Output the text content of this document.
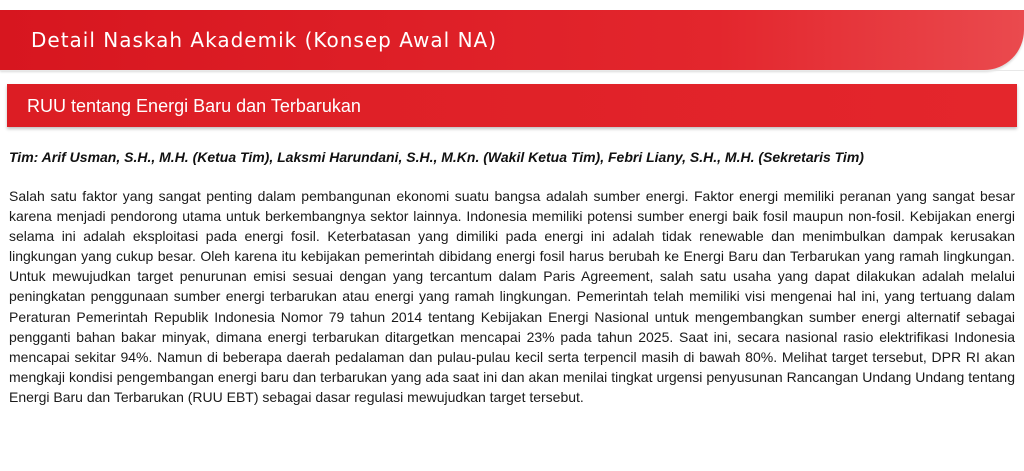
Detail Naskah Akademik (Konsep Awal NA)
RUU tentang Energi Baru dan Terbarukan
Tim: Arif Usman, S.H., M.H. (Ketua Tim), Laksmi Harundani, S.H., M.Kn. (Wakil Ketua Tim), Febri Liany, S.H., M.H. (Sekretaris Tim)

Salah satu faktor yang sangat penting dalam pembangunan ekonomi suatu bangsa adalah sumber energi. Faktor energi memiliki peranan yang sangat besar karena menjadi pendorong utama untuk berkembangnya sektor lainnya. Indonesia memiliki potensi sumber energi baik fosil maupun non-fosil. Kebijakan energi selama ini adalah eksploitasi pada energi fosil. Keterbatasan yang dimiliki pada energi ini adalah tidak renewable dan menimbulkan dampak kerusakan lingkungan yang cukup besar. Oleh karena itu kebijakan pemerintah dibidang energi fosil harus berubah ke Energi Baru dan Terbarukan yang ramah lingkungan. Untuk mewujudkan target penurunan emisi sesuai dengan yang tercantum dalam Paris Agreement, salah satu usaha yang dapat dilakukan adalah melalui peningkatan penggunaan sumber energi terbarukan atau energi yang ramah lingkungan. Pemerintah telah memiliki visi mengenai hal ini, yang tertuang dalam Peraturan Pemerintah Republik Indonesia Nomor 79 tahun 2014 tentang Kebijakan Energi Nasional untuk mengembangkan sumber energi alternatif sebagai pengganti bahan bakar minyak, dimana energi terbarukan ditargetkan mencapai 23% pada tahun 2025. Saat ini, secara nasional rasio elektrifikasi Indonesia mencapai sekitar 94%. Namun di beberapa daerah pedalaman dan pulau-pulau kecil serta terpencil masih di bawah 80%. Melihat target tersebut, DPR RI akan mengkaji kondisi pengembangan energi baru dan terbarukan yang ada saat ini dan akan menilai tingkat urgensi penyusunan Rancangan Undang Undang tentang Energi Baru dan Terbarukan (RUU EBT) sebagai dasar regulasi mewujudkan target tersebut.
